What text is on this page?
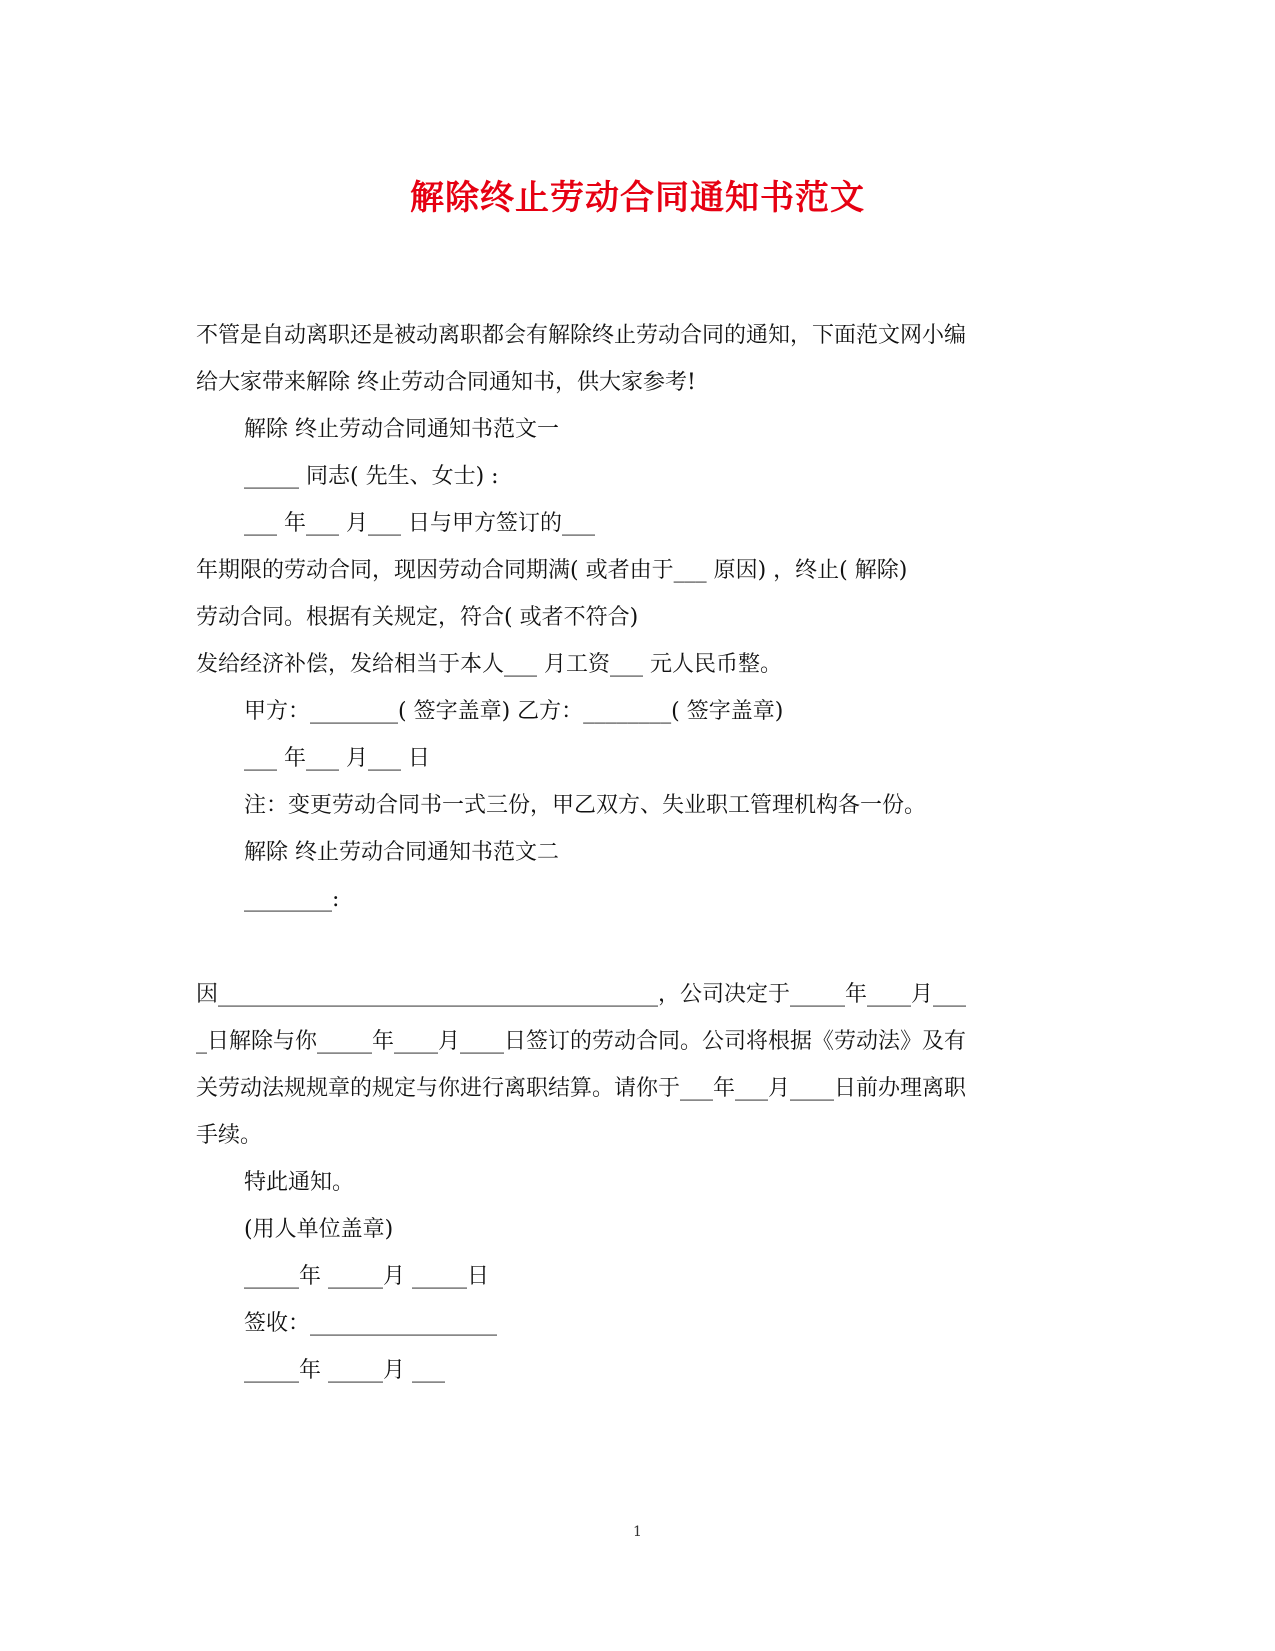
解除终止劳动合同通知书范文
不管是自动离职还是被动离职都会有解除终止劳动合同的通知，下面范文网小编
给大家带来解除 终止劳动合同通知书，供大家参考!
解除 终止劳动合同通知书范文一
_____ 同志( 先生、女士) :
___ 年___ 月___ 日与甲方签订的___
年期限的劳动合同，现因劳动合同期满( 或者由于___ 原因) ，终止( 解除)
劳动合同。根据有关规定，符合( 或者不符合)
发给经济补偿，发给相当于本人___ 月工资___ 元人民币整。
甲方：________( 签字盖章) 乙方：________( 签字盖章)
___ 年___ 月___ 日
注：变更劳动合同书一式三份，甲乙双方、失业职工管理机构各一份。
解除 终止劳动合同通知书范文二
________:
因________________________________________，公司决定于_____年____月___
_日解除与你_____年____月____日签订的劳动合同。公司将根据《劳动法》及有
关劳动法规规章的规定与你进行离职结算。请你于___年___月____日前办理离职
手续。
特此通知。
(用人单位盖章)
_____年 _____月 _____日
签收：_________________
_____年 _____月 ___
1
